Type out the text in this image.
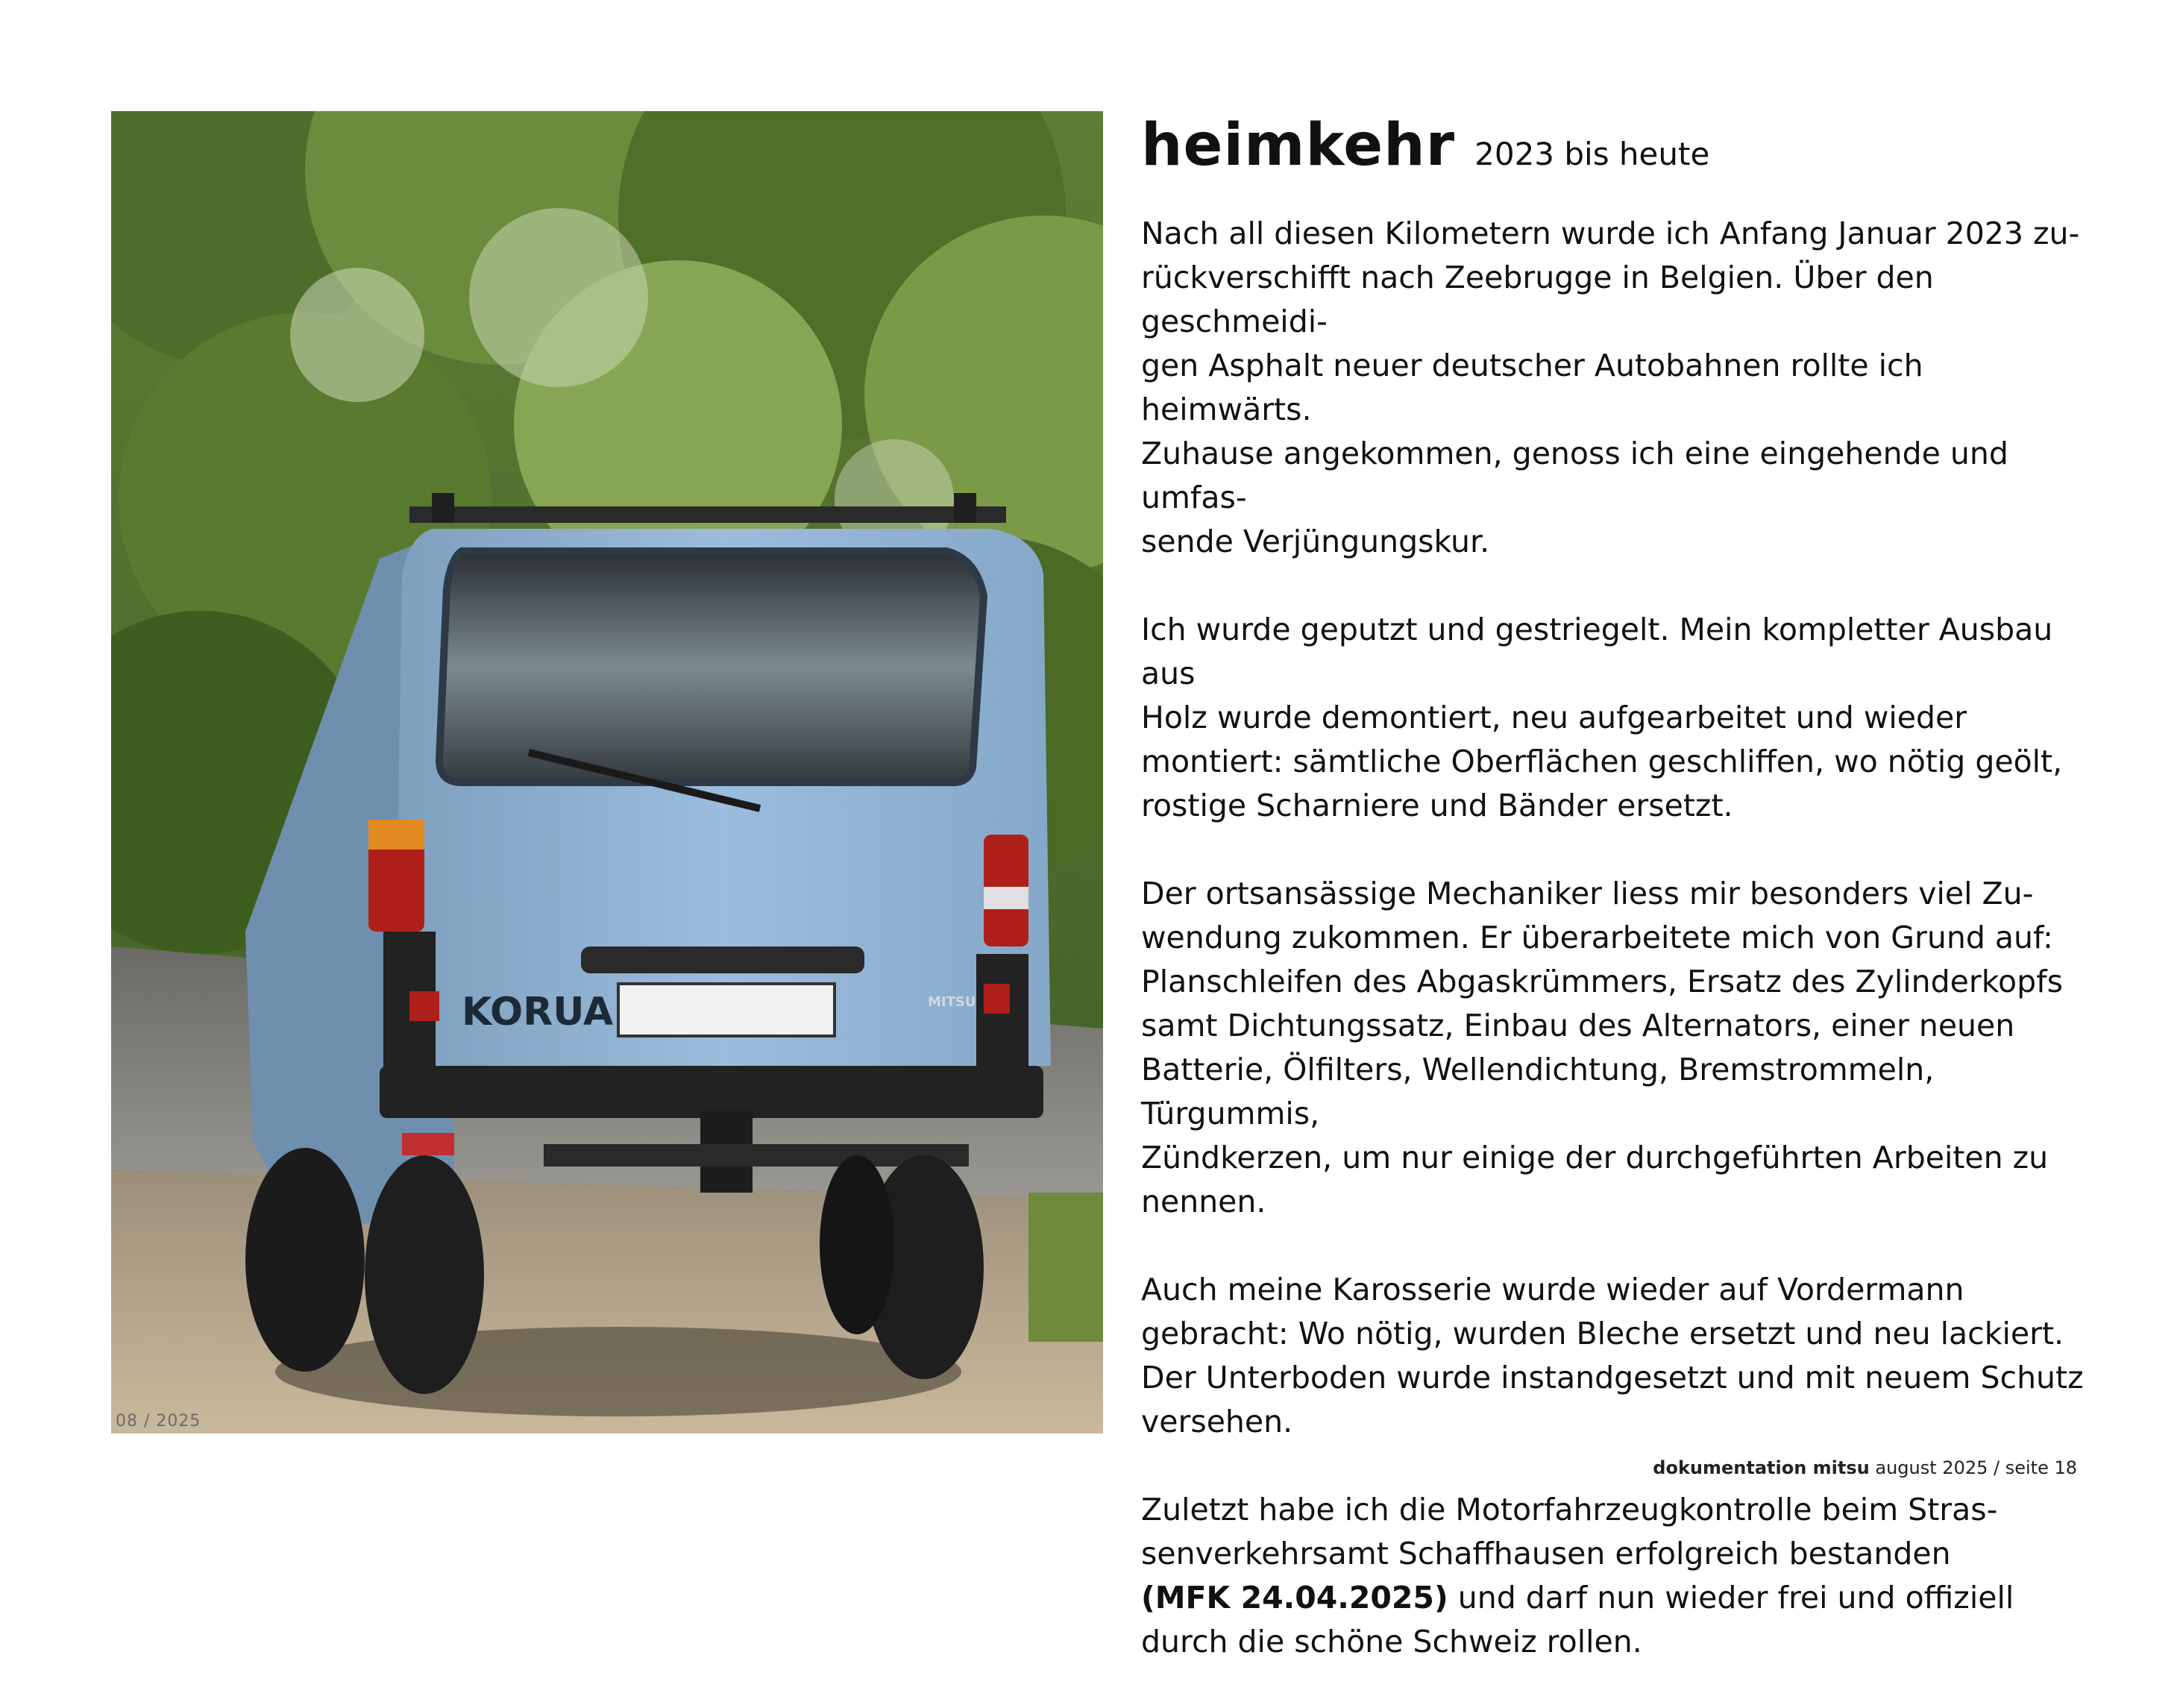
KORUA	MITSU
08 / 2025
heimkehr 2023 bis heute

Nach all diesen Kilometern wurde ich Anfang Januar 2023 zu-
rückverschifft nach Zeebrugge in Belgien. Über den geschmeidi-
gen Asphalt neuer deutscher Autobahnen rollte ich heimwärts.
Zuhause angekommen, genoss ich eine eingehende und umfas-
sende Verjüngungskur.

Ich wurde geputzt und gestriegelt. Mein kompletter Ausbau aus
Holz wurde demontiert, neu aufgearbeitet und wieder
montiert: sämtliche Oberflächen geschliffen, wo nötig geölt,
rostige Scharniere und Bänder ersetzt.

Der ortsansässige Mechaniker liess mir besonders viel Zu-
wendung zukommen. Er überarbeitete mich von Grund auf:
Planschleifen des Abgaskrümmers, Ersatz des Zylinderkopfs
samt Dichtungssatz, Einbau des Alternators, einer neuen
Batterie, Ölfilters, Wellendichtung, Bremstrommeln, Türgummis,
Zündkerzen, um nur einige der durchgeführten Arbeiten zu
nennen.

Auch meine Karosserie wurde wieder auf Vordermann
gebracht: Wo nötig, wurden Bleche ersetzt und neu lackiert.
Der Unterboden wurde instandgesetzt und mit neuem Schutz
versehen.

Zuletzt habe ich die Motorfahrzeugkontrolle beim Stras-
senverkehrsamt Schaffhausen erfolgreich bestanden
(MFK 24.04.2025) und darf nun wieder frei und offiziell
durch die schöne Schweiz rollen.

dokumentation mitsu august 2025 / seite 18
